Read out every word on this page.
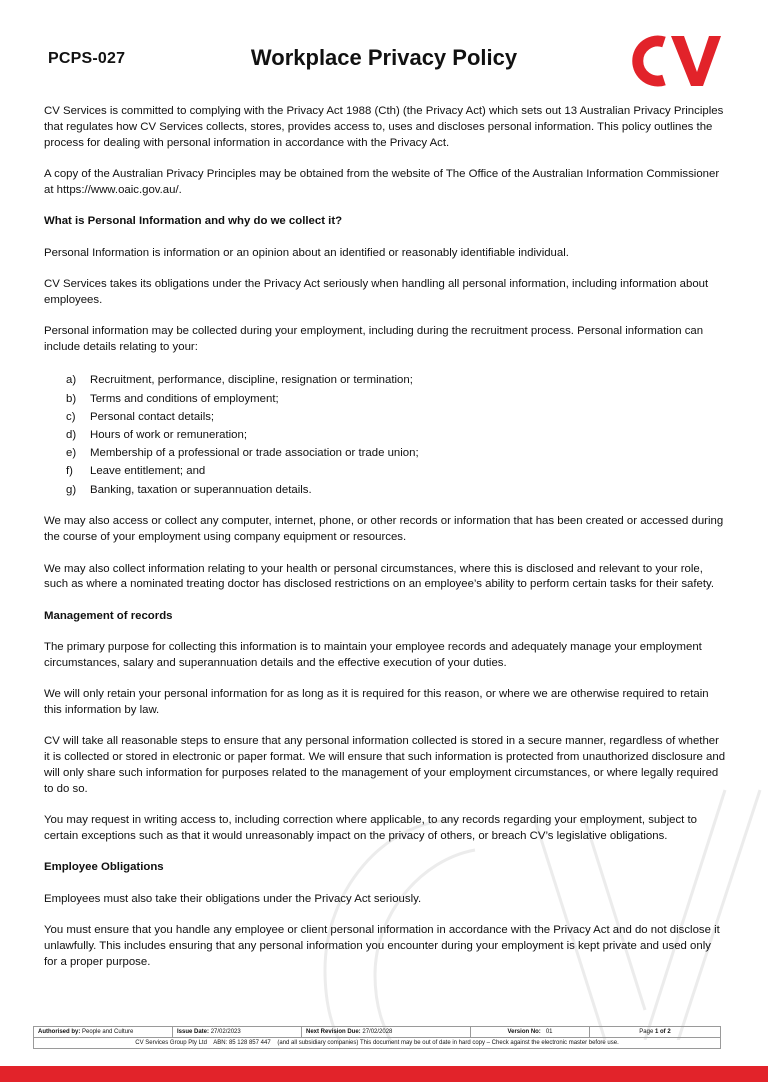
PCPS-027	Workplace Privacy Policy

CV Services is committed to complying with the Privacy Act 1988 (Cth) (the Privacy Act) which sets out 13 Australian Privacy Principles that regulates how CV Services collects, stores, provides access to, uses and discloses personal information. This policy outlines the process for dealing with personal information in accordance with the Privacy Act.

A copy of the Australian Privacy Principles may be obtained from the website of The Office of the Australian Information Commissioner at https://www.oaic.gov.au/.

What is Personal Information and why do we collect it?

Personal Information is information or an opinion about an identified or reasonably identifiable individual.

CV Services takes its obligations under the Privacy Act seriously when handling all personal information, including information about employees.

Personal information may be collected during your employment, including during the recruitment process. Personal information can include details relating to your:

a)	Recruitment, performance, discipline, resignation or termination;
b)	Terms and conditions of employment;
c)	Personal contact details;
d)	Hours of work or remuneration;
e)	Membership of a professional or trade association or trade union;
f)	Leave entitlement; and
g)	Banking, taxation or superannuation details.

We may also access or collect any computer, internet, phone, or other records or information that has been created or accessed during the course of your employment using company equipment or resources.

We may also collect information relating to your health or personal circumstances, where this is disclosed and relevant to your role, such as where a nominated treating doctor has disclosed restrictions on an employee’s ability to perform certain tasks for their safety.

Management of records

The primary purpose for collecting this information is to maintain your employee records and adequately manage your employment circumstances, salary and superannuation details and the effective execution of your duties.

We will only retain your personal information for as long as it is required for this reason, or where we are otherwise required to retain this information by law.

CV will take all reasonable steps to ensure that any personal information collected is stored in a secure manner, regardless of whether it is collected or stored in electronic or paper format. We will ensure that such information is protected from unauthorized disclosure and will only share such information for purposes related to the management of your employment circumstances, or where legally required to do so.

You may request in writing access to, including correction where applicable, to any records regarding your employment, subject to certain exceptions such as that it would unreasonably impact on the privacy of others, or breach CV’s legislative obligations.

Employee Obligations

Employees must also take their obligations under the Privacy Act seriously.

You must ensure that you handle any employee or client personal information in accordance with the Privacy Act and do not disclose it unlawfully. This includes ensuring that any personal information you encounter during your employment is kept private and used only for a proper purpose.

Authorised by: People and Culture	Issue Date: 27/02/2023	Next Revision Due: 27/02/2028	Version No: 01	Page 1 of 2
CV Services Group Pty Ltd ABN: 85 128 857 447 (and all subsidiary companies) This document may be out of date in hard copy – Check against the electronic master before use.
